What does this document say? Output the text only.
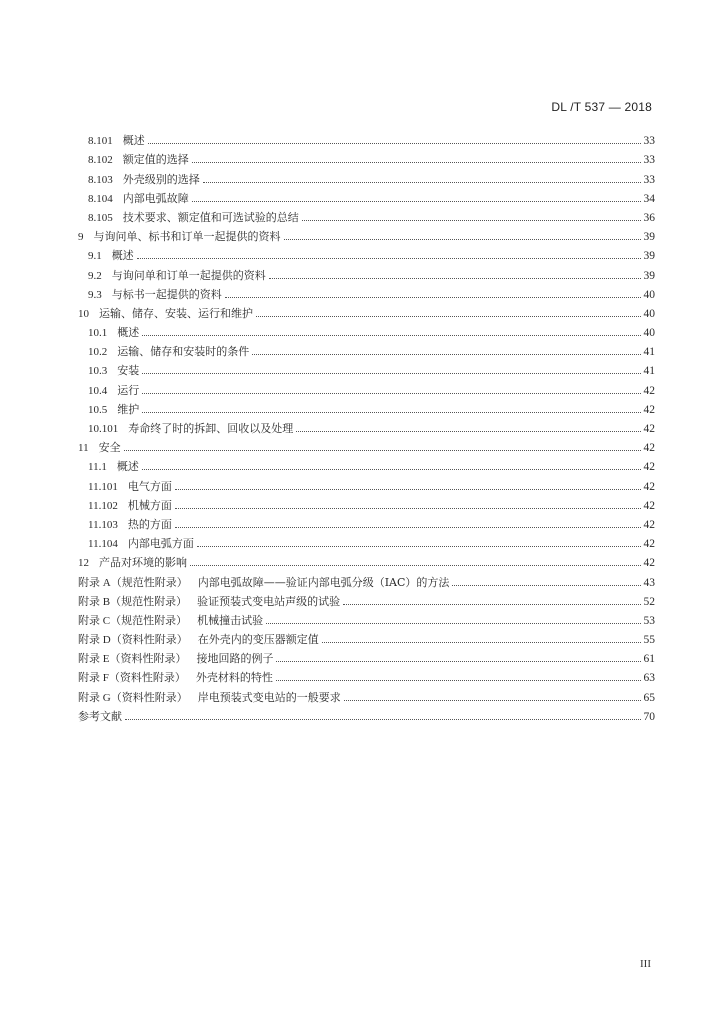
DL /T 537 — 2018
8.101 概述	33
8.102 额定值的选择	33
8.103 外壳级别的选择	33
8.104 内部电弧故障	34
8.105 技术要求、额定值和可选试验的总结	36
9 与询问单、标书和订单一起提供的资料	39
9.1 概述	39
9.2 与询问单和订单一起提供的资料	39
9.3 与标书一起提供的资料	40
10 运输、储存、安装、运行和维护	40
10.1 概述	40
10.2 运输、储存和安装时的条件	41
10.3 安装	41
10.4 运行	42
10.5 维护	42
10.101 寿命终了时的拆卸、回收以及处理	42
11 安全	42
11.1 概述	42
11.101 电气方面	42
11.102 机械方面	42
11.103 热的方面	42
11.104 内部电弧方面	42
12 产品对环境的影响	42
附录 A（规范性附录） 内部电弧故障——验证内部电弧分级（IAC）的方法	43
附录 B（规范性附录） 验证预装式变电站声级的试验	52
附录 C（规范性附录） 机械撞击试验	53
附录 D（资料性附录） 在外壳内的变压器额定值	55
附录 E（资料性附录） 接地回路的例子	61
附录 F（资料性附录） 外壳材料的特性	63
附录 G（资料性附录） 岸电预装式变电站的一般要求	65
参考文献	70
III
